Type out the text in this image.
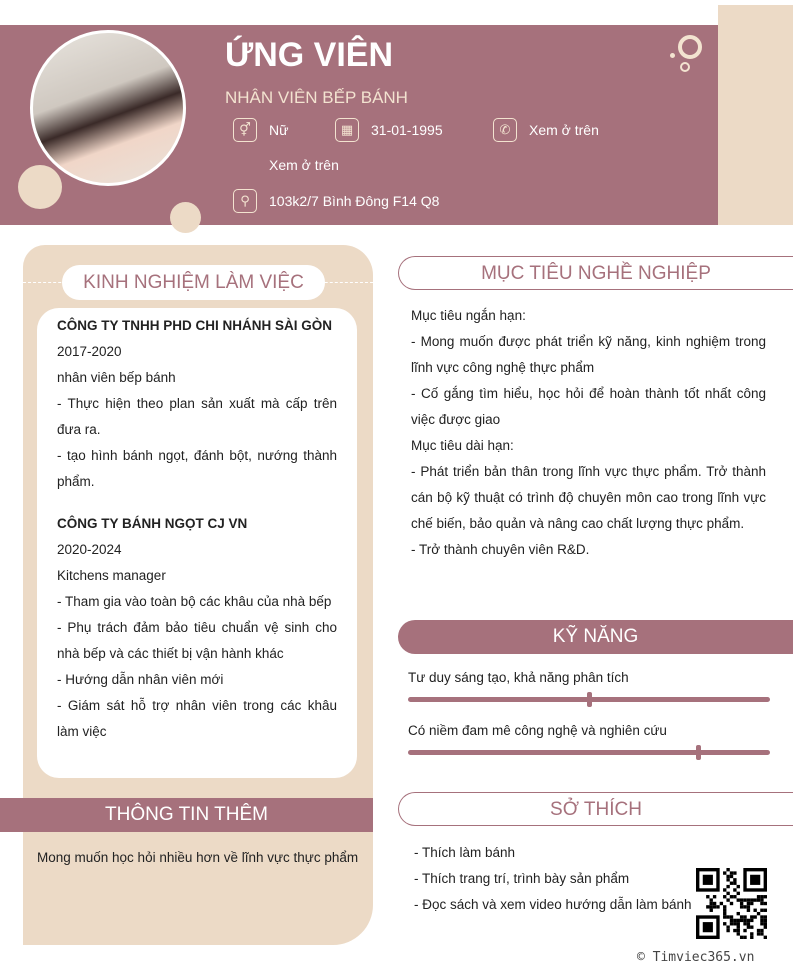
ỨNG VIÊN
NHÂN VIÊN BẾP BÁNH
⚥	Nữ	▦	31-01-1995	✆	Xem ở trên
Xem ở trên
⚲	103k2/7 Bình Đông F14 Q8
KINH NGHIỆM LÀM VIỆC
CÔNG TY TNHH PHD CHI NHÁNH SÀI GÒN
2017-2020
nhân viên bếp bánh
- Thực hiện theo plan sản xuất mà cấp trên đưa ra.
- tạo hình bánh ngọt, đánh bột, nướng thành phẩm.
CÔNG TY BÁNH NGỌT CJ VN
2020-2024
Kitchens manager
- Tham gia vào toàn bộ các khâu của nhà bếp
- Phụ trách đảm bảo tiêu chuẩn vệ sinh cho nhà bếp và các thiết bị vận hành khác
- Hướng dẫn nhân viên mới
- Giám sát hỗ trợ nhân viên trong các khâu làm việc
THÔNG TIN THÊM
Mong muốn học hỏi nhiều hơn về lĩnh vực thực phẩm
MỤC TIÊU NGHỀ NGHIỆP
Mục tiêu ngắn hạn:
- Mong muốn được phát triển kỹ năng, kinh nghiệm trong lĩnh vực công nghệ thực phẩm
- Cố gắng tìm hiểu, học hỏi để hoàn thành tốt nhất công việc được giao
Mục tiêu dài hạn:
- Phát triển bản thân trong lĩnh vực thực phẩm. Trở thành cán bộ kỹ thuật có trình độ chuyên môn cao trong lĩnh vực chế biến, bảo quản và nâng cao chất lượng thực phẩm.
- Trở thành chuyên viên R&D.
KỸ NĂNG
Tư duy sáng tạo, khả năng phân tích
Có niềm đam mê công nghệ và nghiên cứu
SỞ THÍCH
- Thích làm bánh
- Thích trang trí, trình bày sản phẩm
- Đọc sách và xem video hướng dẫn làm bánh
© Timviec365.vn
